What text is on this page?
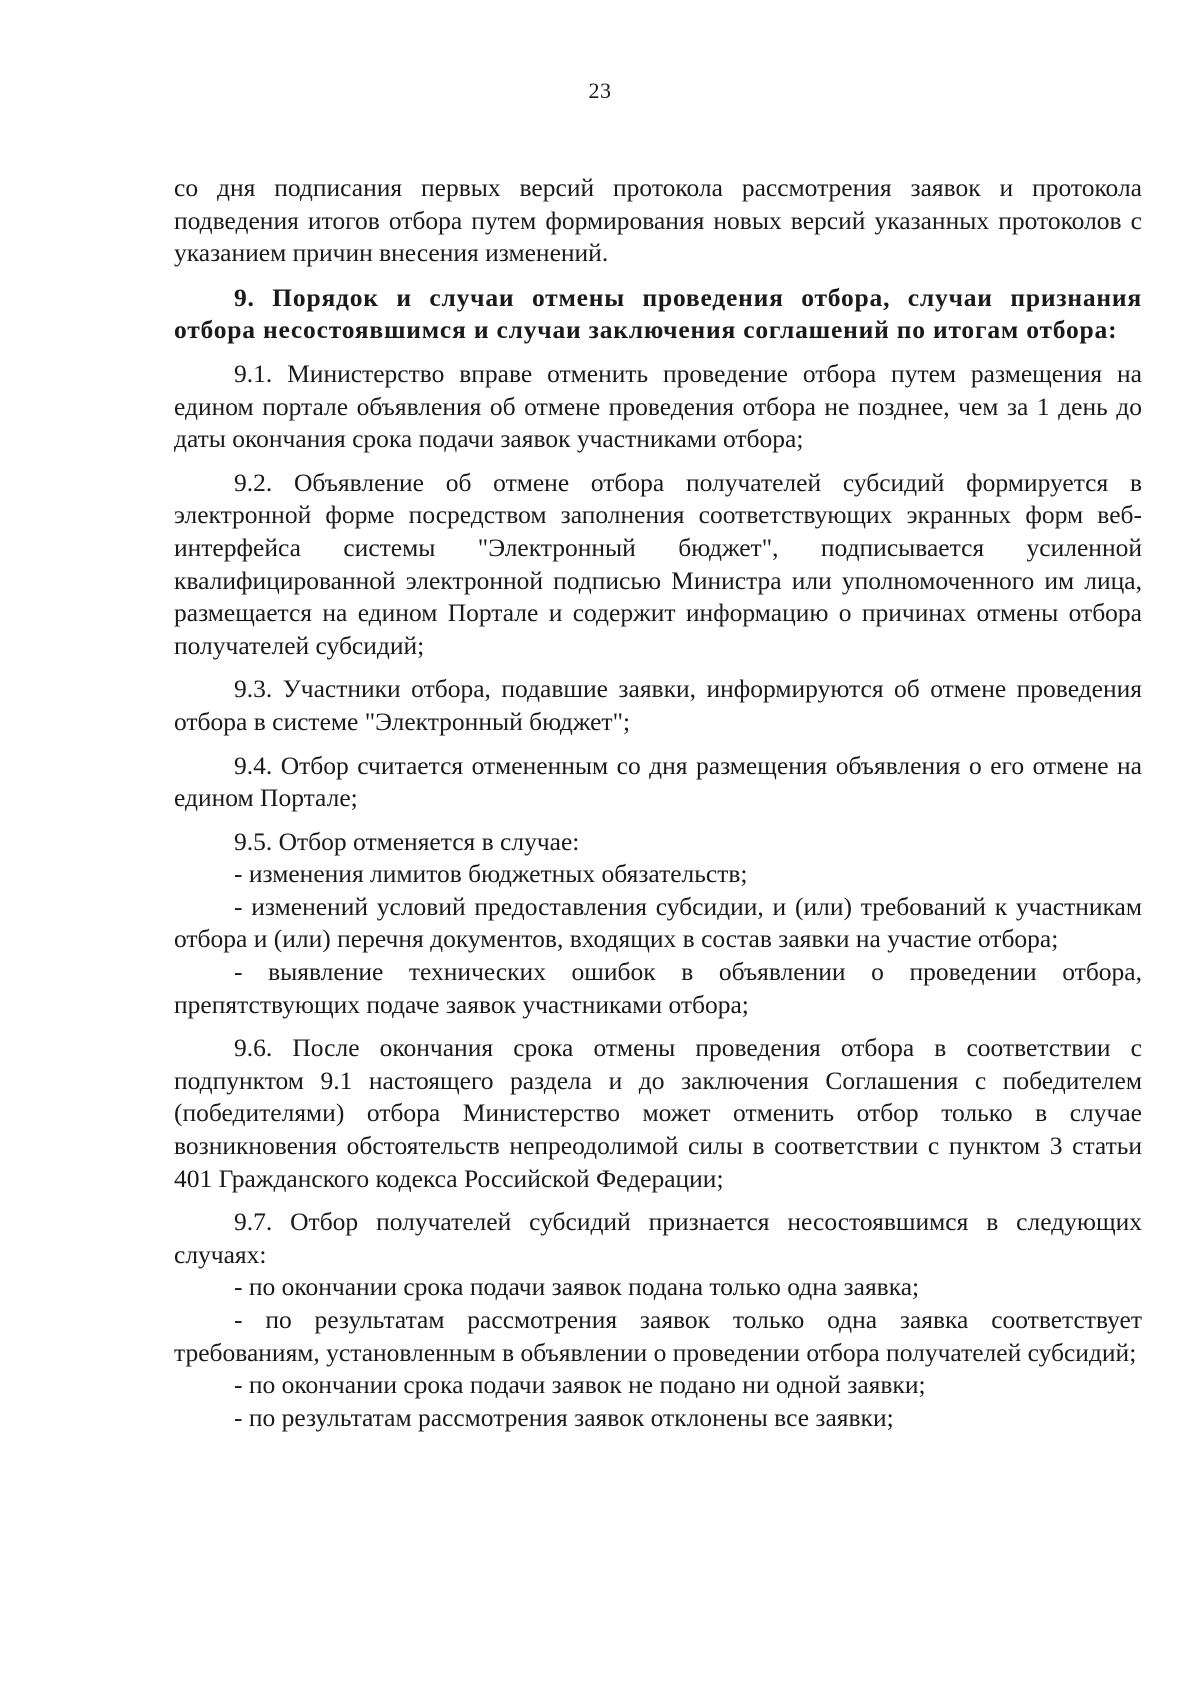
23

со дня подписания первых версий протокола рассмотрения заявок и протокола подведения итогов отбора путем формирования новых версий указанных протоколов с указанием причин внесения изменений.

9. Порядок и случаи отмены проведения отбора, случаи признания отбора несостоявшимся и случаи заключения соглашений по итогам отбора:

9.1. Министерство вправе отменить проведение отбора путем размещения на едином портале объявления об отмене проведения отбора не позднее, чем за 1 день до даты окончания срока подачи заявок участниками отбора;

9.2. Объявление об отмене отбора получателей субсидий формируется в электронной форме посредством заполнения соответствующих экранных форм веб-интерфейса системы "Электронный бюджет", подписывается усиленной квалифицированной электронной подписью Министра или уполномоченного им лица, размещается на едином Портале и содержит информацию о причинах отмены отбора получателей субсидий;

9.3. Участники отбора, подавшие заявки, информируются об отмене проведения отбора в системе "Электронный бюджет";

9.4. Отбор считается отмененным со дня размещения объявления о его отмене на едином Портале;

9.5. Отбор отменяется в случае:

- изменения лимитов бюджетных обязательств;

- изменений условий предоставления субсидии, и (или) требований к участникам отбора и (или) перечня документов, входящих в состав заявки на участие отбора;

- выявление технических ошибок в объявлении о проведении отбора, препятствующих подаче заявок участниками отбора;

9.6. После окончания срока отмены проведения отбора в соответствии с подпунктом 9.1 настоящего раздела и до заключения Соглашения с победителем (победителями) отбора Министерство может отменить отбор только в случае возникновения обстоятельств непреодолимой силы в соответствии с пунктом 3 статьи 401 Гражданского кодекса Российской Федерации;

9.7. Отбор получателей субсидий признается несостоявшимся в следующих случаях:

- по окончании срока подачи заявок подана только одна заявка;

- по результатам рассмотрения заявок только одна заявка соответствует требованиям, установленным в объявлении о проведении отбора получателей субсидий;

- по окончании срока подачи заявок не подано ни одной заявки;

- по результатам рассмотрения заявок отклонены все заявки;
